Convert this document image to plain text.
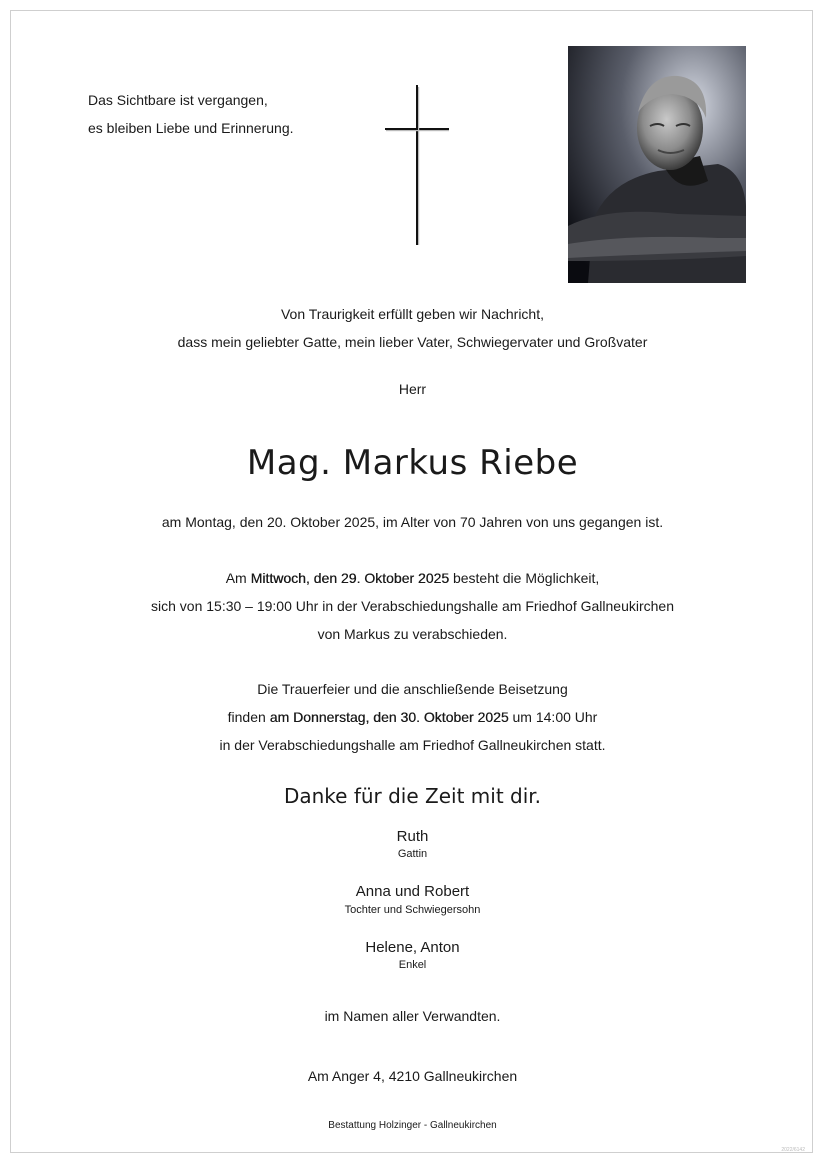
Das Sichtbare ist vergangen,
es bleiben Liebe und Erinnerung.
Von Traurigkeit erfüllt geben wir Nachricht,
dass mein geliebter Gatte, mein lieber Vater, Schwiegervater und Großvater
Herr
Mag. Markus Riebe
am Montag, den 20. Oktober 2025, im Alter von 70 Jahren von uns gegangen ist.
Am Mittwoch, den 29. Oktober 2025 besteht die Möglichkeit,
sich von 15:30 – 19:00 Uhr in der Verabschiedungshalle am Friedhof Gallneukirchen
von Markus zu verabschieden.
Die Trauerfeier und die anschließende Beisetzung
finden am Donnerstag, den 30. Oktober 2025 um 14:00 Uhr
in der Verabschiedungshalle am Friedhof Gallneukirchen statt.
Danke für die Zeit mit dir.
Ruth
Gattin
Anna und Robert
Tochter und Schwiegersohn
Helene, Anton
Enkel
im Namen aller Verwandten.
Am Anger 4, 4210 Gallneukirchen
Bestattung Holzinger - Gallneukirchen
2022/6142
